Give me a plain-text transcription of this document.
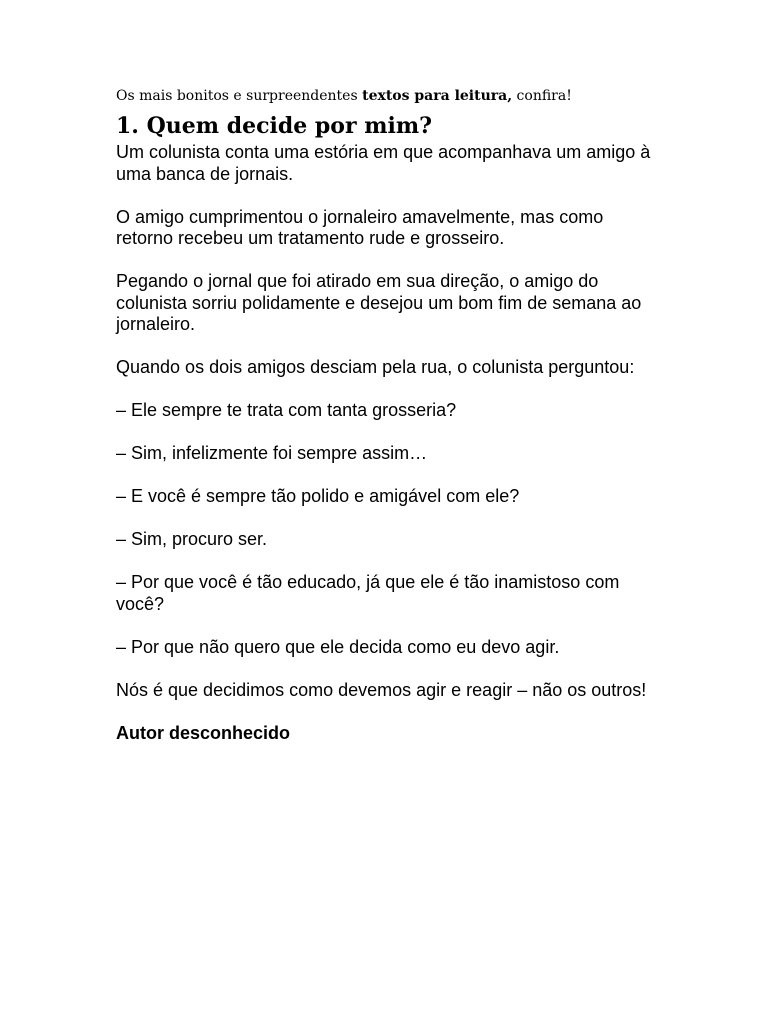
Os mais bonitos e surpreendentes textos para leitura, confira!

1. Quem decide por mim?

Um colunista conta uma estória em que acompanhava um amigo à uma banca de jornais.

O amigo cumprimentou o jornaleiro amavelmente, mas como retorno recebeu um tratamento rude e grosseiro.

Pegando o jornal que foi atirado em sua direção, o amigo do colunista sorriu polidamente e desejou um bom fim de semana ao jornaleiro.

Quando os dois amigos desciam pela rua, o colunista perguntou:

– Ele sempre te trata com tanta grosseria?

– Sim, infelizmente foi sempre assim…

– E você é sempre tão polido e amigável com ele?

– Sim, procuro ser.

– Por que você é tão educado, já que ele é tão inamistoso com você?

– Por que não quero que ele decida como eu devo agir.

Nós é que decidimos como devemos agir e reagir – não os outros!

Autor desconhecido
